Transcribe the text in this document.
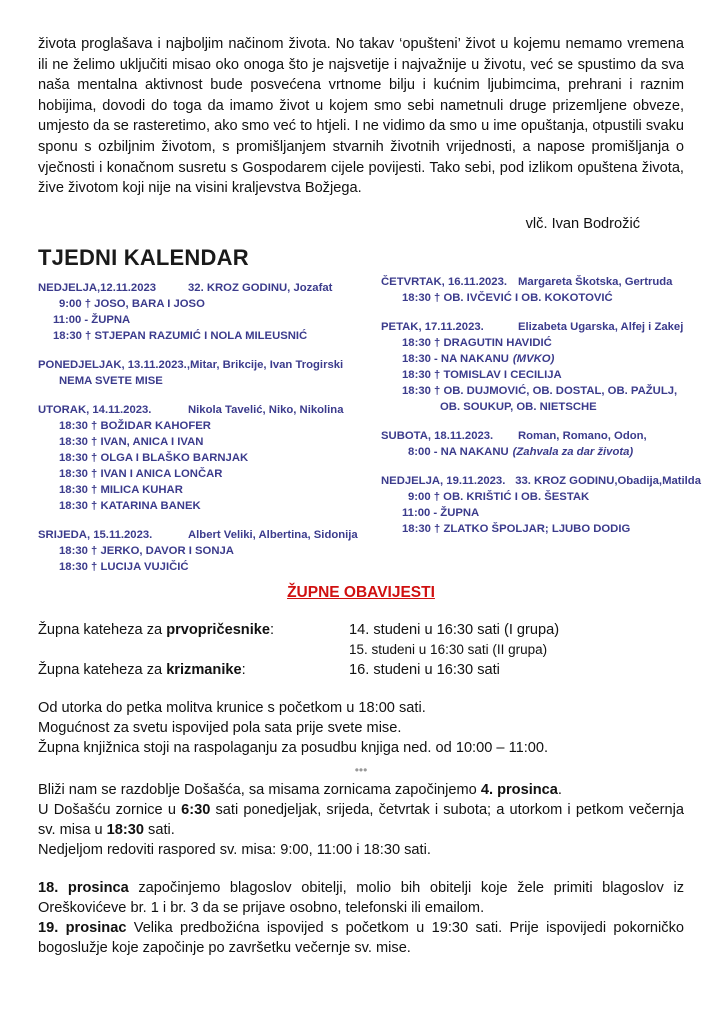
života proglašava i najboljim načinom života. No takav ‘opušteni’ život u kojemu nemamo vremena ili ne želimo uključiti misao oko onoga što je najsvetije i najvažnije u životu, već se spustimo da sva naša mentalna aktivnost bude posvećena vrtnome bilju i kućnim ljubimcima, prehrani i raznim hobijima, dovodi do toga da imamo život u kojem smo sebi nametnuli druge prizemljene obveze, umjesto da se rasteretimo, ako smo već to htjeli. I ne vidimo da smo u ime opuštanja, otpustili svaku sponu s ozbiljnim životom, s promišljanjem stvarnih životnih vrijednosti, a napose promišljanja o vječnosti i konačnom susretu s Gospodarem cijele povijesti. Tako sebi, pod izlikom opuštena života, žive životom koji nije na visini kraljevstva Božjega.

vlč. Ivan Bodrožić
TJEDNI KALENDAR
NEDJELJA,12.11.2023	32. KROZ GODINU, Jozafat
9:00 † JOSO, BARA I JOSO
11:00 - ŽUPNA
18:30 † STJEPAN RAZUMIĆ I NOLA MILEUSNIĆ
PONEDJELJAK, 13.11.2023., Mitar, Brikcije, Ivan Trogirski
NEMA SVETE MISE
UTORAK, 14.11.2023.	Nikola Tavelić, Niko, Nikolina
18:30 † BOŽIDAR KAHOFER
18:30 † IVAN, ANICA I IVAN
18:30 † OLGA I BLAŠKO BARNJAK
18:30 † IVAN I ANICA LONČAR
18:30 † MILICA KUHAR
18:30 † KATARINA BANEK
SRIJEDA, 15.11.2023.	Albert Veliki, Albertina, Sidonija
18:30 † JERKO, DAVOR I SONJA
18:30 † LUCIJA VUJIČIĆ
ČETVRTAK, 16.11.2023. Margareta Škotska, Gertruda
18:30 † OB. IVČEVIĆ I OB. KOKOTOVIĆ
PETAK, 17.11.2023.	Elizabeta Ugarska, Alfej i Zakej
18:30 † DRAGUTIN HAVIDIĆ
18:30 - NA NAKANU (MVKO)
18:30 † TOMISLAV I CECILIJA
18:30 † OB. DUJMOVIĆ, OB. DOSTAL, OB. PAŽULJ,
OB. SOUKUP, OB. NIETSCHE
SUBOTA, 18.11.2023.	Roman, Romano, Odon,
8:00 - NA NAKANU (Zahvala za dar života)
NEDJELJA, 19.11.2023. 33. KROZ GODINU,Obadija,Matilda
9:00 † OB. KRIŠTIĆ I OB. ŠESTAK
11:00 - ŽUPNA
18:30 † ZLATKO ŠPOLJAR; LJUBO DODIG
ŽUPNE OBAVIJESTI
Župna kateheza za prvopričesnike:	14. studeni u 16:30 sati (I grupa)
15. studeni u 16:30 sati (II grupa)
Župna kateheza za krizmanike:	16. studeni u 16:30 sati
Od utorka do petka molitva krunice s početkom u 18:00 sati.
Mogućnost za svetu ispovijed pola sata prije svete mise.
Župna knjižnica stoji na raspolaganju za posudbu knjiga ned. od 10:00 – 11:00.
•••
Bliži nam se razdoblje Došašća, sa misama zornicama započinjemo 4. prosinca.
U Došašću zornice u 6:30 sati ponedjeljak, srijeda, četvrtak i subota; a utorkom i petkom večernja sv. misa u 18:30 sati.
Nedjeljom redoviti raspored sv. misa: 9:00, 11:00 i 18:30 sati.
18. prosinca započinjemo blagoslov obitelji, molio bih obitelji koje žele primiti blagoslov iz Oreškovićeve br. 1 i br. 3 da se prijave osobno, telefonski ili emailom.
19. prosinac Velika predbožićna ispovijed s početkom u 19:30 sati. Prije ispovijedi pokorničko bogoslužje koje započinje po završetku večernje sv. mise.
